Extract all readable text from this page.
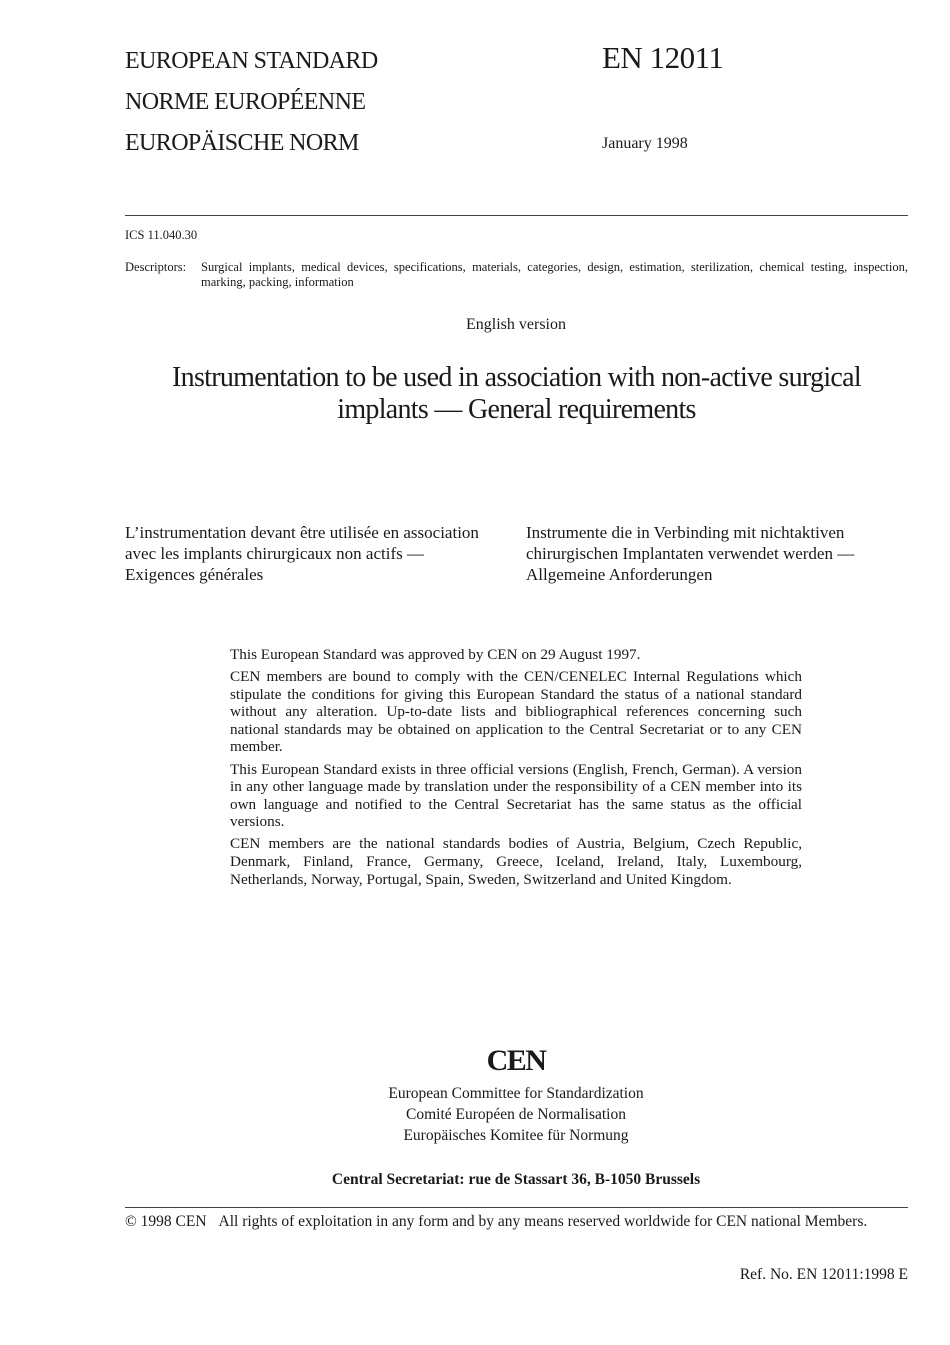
EUROPEAN STANDARD
NORME EUROPÉENNE
EUROPÄISCHE NORM
EN 12011
January 1998
ICS 11.040.30
Descriptors: Surgical implants, medical devices, specifications, materials, categories, design, estimation, sterilization, chemical testing, inspection, marking, packing, information
English version
Instrumentation to be used in association with non-active surgical
implants — General requirements
L’instrumentation devant être utilisée en association
avec les implants chirurgicaux non actifs —
Exigences générales
Instrumente die in Verbinding mit nichtaktiven
chirurgischen Implantaten verwendet werden —
Allgemeine Anforderungen

This European Standard was approved by CEN on 29 August 1997.

CEN members are bound to comply with the CEN/CENELEC Internal Regulations which stipulate the conditions for giving this European Standard the status of a national standard without any alteration. Up-to-date lists and bibliographical references concerning such national standards may be obtained on application to the Central Secretariat or to any CEN member.

This European Standard exists in three official versions (English, French, German). A version in any other language made by translation under the responsibility of a CEN member into its own language and notified to the Central Secretariat has the same status as the official versions.

CEN members are the national standards bodies of Austria, Belgium, Czech Republic, Denmark, Finland, France, Germany, Greece, Iceland, Ireland, Italy, Luxembourg, Netherlands, Norway, Portugal, Spain, Sweden, Switzerland and United Kingdom.

CEN
European Committee for Standardization
Comité Européen de Normalisation
Europäisches Komitee für Normung
Central Secretariat: rue de Stassart 36, B-1050 Brussels
© 1998 CEN All rights of exploitation in any form and by any means reserved worldwide for CEN national Members.
Ref. No. EN 12011:1998 E
